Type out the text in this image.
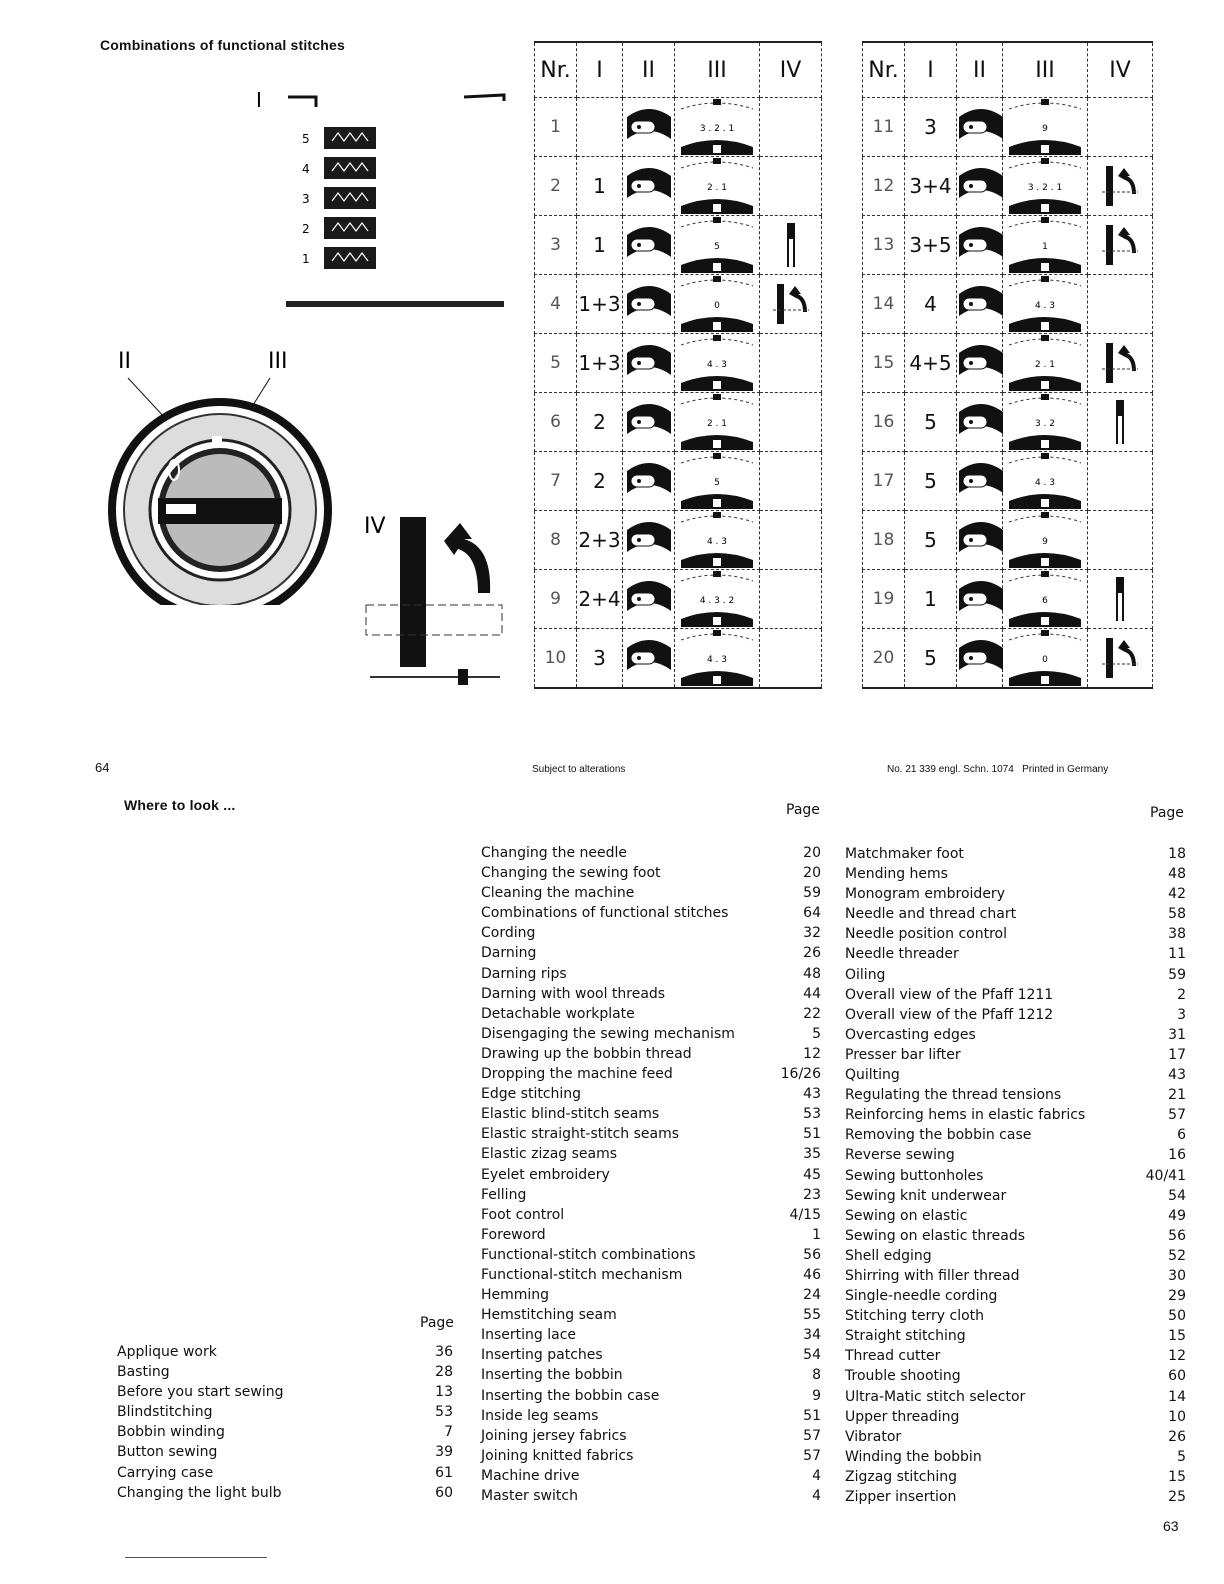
Combinations of functional stitches
I
5
4
3
2
1
II	III
IV
Nr.	I	II	III	IV
1			3 . 2 . 1	

2	1		2 . 1	

3	1		5

4	1+3		0

5	1+3		4 . 3	

6	2		2 . 1	

7	2		5	

8	2+3		4 . 3	

9	2+4		4 . 3 . 2	

10	3		4 . 3	

Nr.	I	II	III	IV
11	3		9	

12	3+4		3 . 2 . 1

13	3+5		1

14	4		4 . 3	

15	4+5		2 . 1

16	5		3 . 2

17	5		4 . 3	

18	5		9	

19	1		6

20	5		0

64	Subject to alterations	No. 21 339 engl. Schn. 1074   Printed in Germany
Where to look ...	Page	Page
Page
Applique work	36
Basting	28
Before you start sewing	13
Blindstitching	53
Bobbin winding	7
Button sewing	39
Carrying case	61
Changing the light bulb	60
Changing the needle	20
Changing the sewing foot	20
Cleaning the machine	59
Combinations of functional stitches	64
Cording	32
Darning	26
Darning rips	48
Darning with wool threads	44
Detachable workplate	22
Disengaging the sewing mechanism	5
Drawing up the bobbin thread	12
Dropping the machine feed	16/26
Edge stitching	43
Elastic blind-stitch seams	53
Elastic straight-stitch seams	51
Elastic zizag seams	35
Eyelet embroidery	45
Felling	23
Foot control	4/15
Foreword	1
Functional-stitch combinations	56
Functional-stitch mechanism	46
Hemming	24
Hemstitching seam	55
Inserting lace	34
Inserting patches	54
Inserting the bobbin	8
Inserting the bobbin case	9
Inside leg seams	51
Joining jersey fabrics	57
Joining knitted fabrics	57
Machine drive	4
Master switch	4
Matchmaker foot	18
Mending hems	48
Monogram embroidery	42
Needle and thread chart	58
Needle position control	38
Needle threader	11
Oiling	59
Overall view of the Pfaff 1211	2
Overall view of the Pfaff 1212	3
Overcasting edges	31
Presser bar lifter	17
Quilting	43
Regulating the thread tensions	21
Reinforcing hems in elastic fabrics	57
Removing the bobbin case	6
Reverse sewing	16
Sewing buttonholes	40/41
Sewing knit underwear	54
Sewing on elastic	49
Sewing on elastic threads	56
Shell edging	52
Shirring with filler thread	30
Single-needle cording	29
Stitching terry cloth	50
Straight stitching	15
Thread cutter	12
Trouble shooting	60
Ultra-Matic stitch selector	14
Upper threading	10
Vibrator	26
Winding the bobbin	5
Zigzag stitching	15
Zipper insertion	25
63
